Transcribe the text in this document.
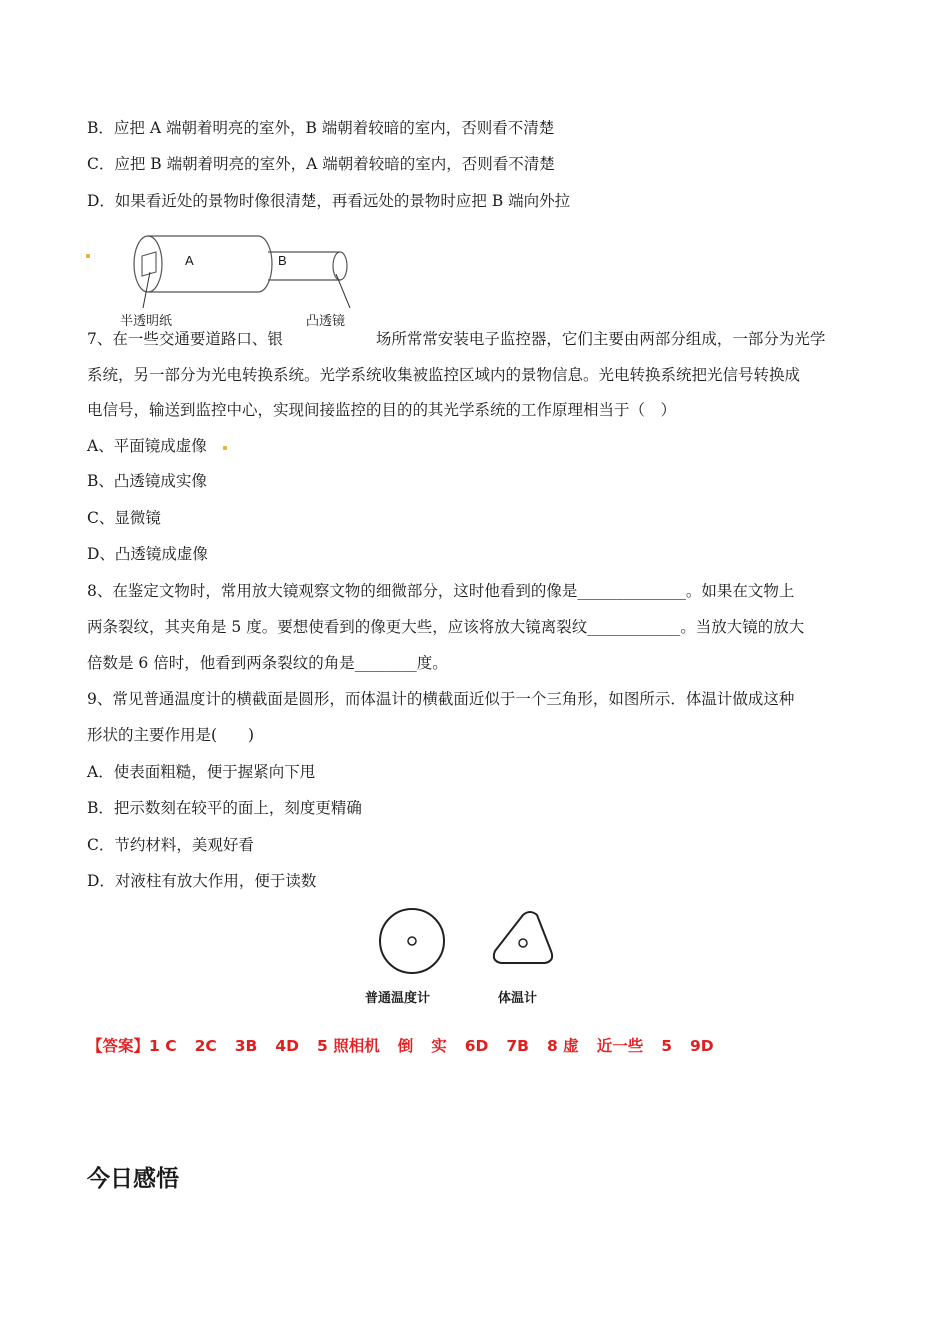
B．应把 A 端朝着明亮的室外，B 端朝着较暗的室内，否则看不清楚
C．应把 B 端朝着明亮的室外，A 端朝着较暗的室内，否则看不清楚
D．如果看近处的景物时像很清楚，再看远处的景物时应把 B 端向外拉
A	B
半透明纸	凸透镜
7、在一些交通要道路口、银　　　　　　场所常常安装电子监控器，它们主要由两部分组成，一部分为光学
系统，另一部分为光电转换系统。光学系统收集被监控区域内的景物信息。光电转换系统把光信号转换成
电信号，输送到监控中心，实现间接监控的目的的其光学系统的工作原理相当于（　）
A、平面镜成虚像
B、凸透镜成实像
C、显微镜
D、凸透镜成虚像
8、在鉴定文物时，常用放大镜观察文物的细微部分，这时他看到的像是______________。如果在文物上
两条裂纹，其夹角是 5 度。要想使看到的像更大些，应该将放大镜离裂纹____________。当放大镜的放大
倍数是 6 倍时，他看到两条裂纹的角是________度。
9、常见普通温度计的横截面是圆形，而体温计的横截面近似于一个三角形，如图所示．体温计做成这种
形状的主要作用是(　　)
A．使表面粗糙，便于握紧向下甩
B．把示数刻在较平的面上，刻度更精确
C．节约材料，美观好看
D．对液柱有放大作用，便于读数
普通温度计	体温计
【答案】1 C 2C 3B 4D 5 照相机 倒 实 6D 7B 8 虚 近一些 5 9D
今日感悟
